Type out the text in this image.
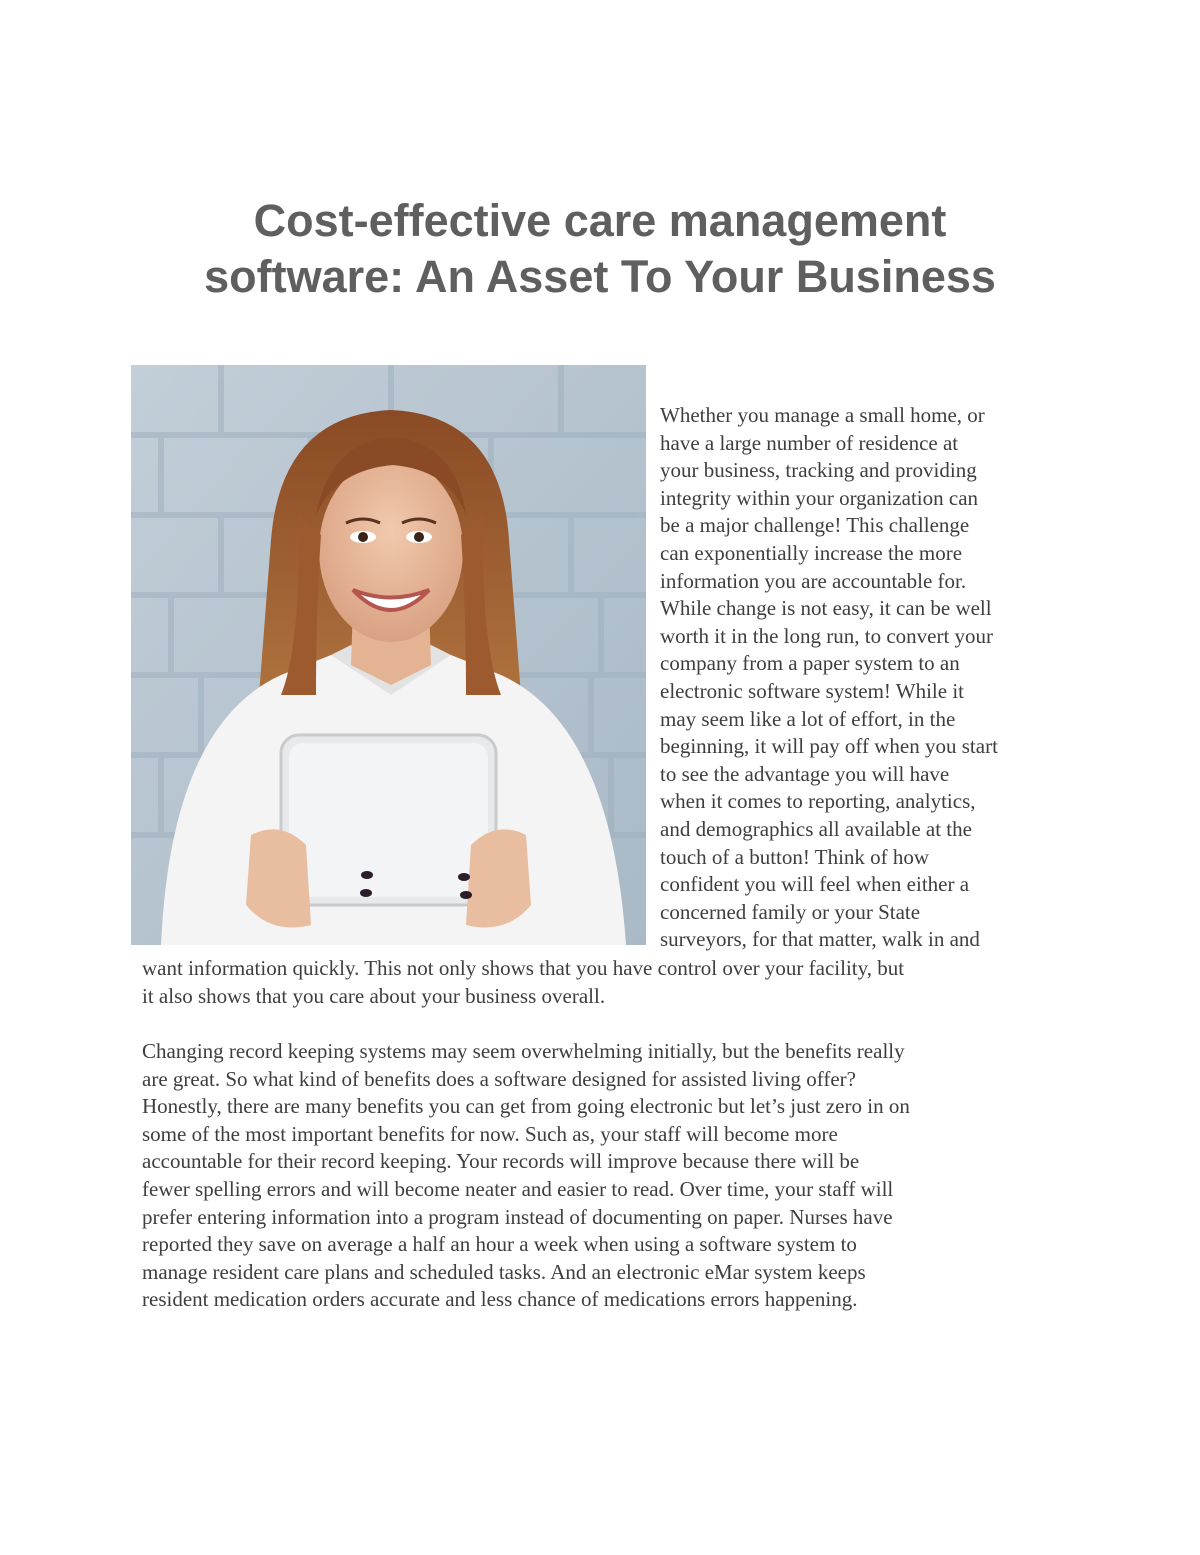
Cost-effective care management
software: An Asset To Your Business
Whether you manage a small home, or
have a large number of residence at
your business, tracking and providing
integrity within your organization can
be a major challenge! This challenge
can exponentially increase the more
information you are accountable for.
While change is not easy, it can be well
worth it in the long run, to convert your
company from a paper system to an
electronic software system! While it
may seem like a lot of effort, in the
beginning, it will pay off when you start
to see the advantage you will have
when it comes to reporting, analytics,
and demographics all available at the
touch of a button! Think of how
confident you will feel when either a
concerned family or your State
surveyors, for that matter, walk in and
want information quickly. This not only shows that you have control over your facility, but
it also shows that you care about your business overall.
Changing record keeping systems may seem overwhelming initially, but the benefits really
are great. So what kind of benefits does a software designed for assisted living offer?
Honestly, there are many benefits you can get from going electronic but let’s just zero in on
some of the most important benefits for now. Such as, your staff will become more
accountable for their record keeping. Your records will improve because there will be
fewer spelling errors and will become neater and easier to read. Over time, your staff will
prefer entering information into a program instead of documenting on paper. Nurses have
reported they save on average a half an hour a week when using a software system to
manage resident care plans and scheduled tasks. And an electronic eMar system keeps
resident medication orders accurate and less chance of medications errors happening.
